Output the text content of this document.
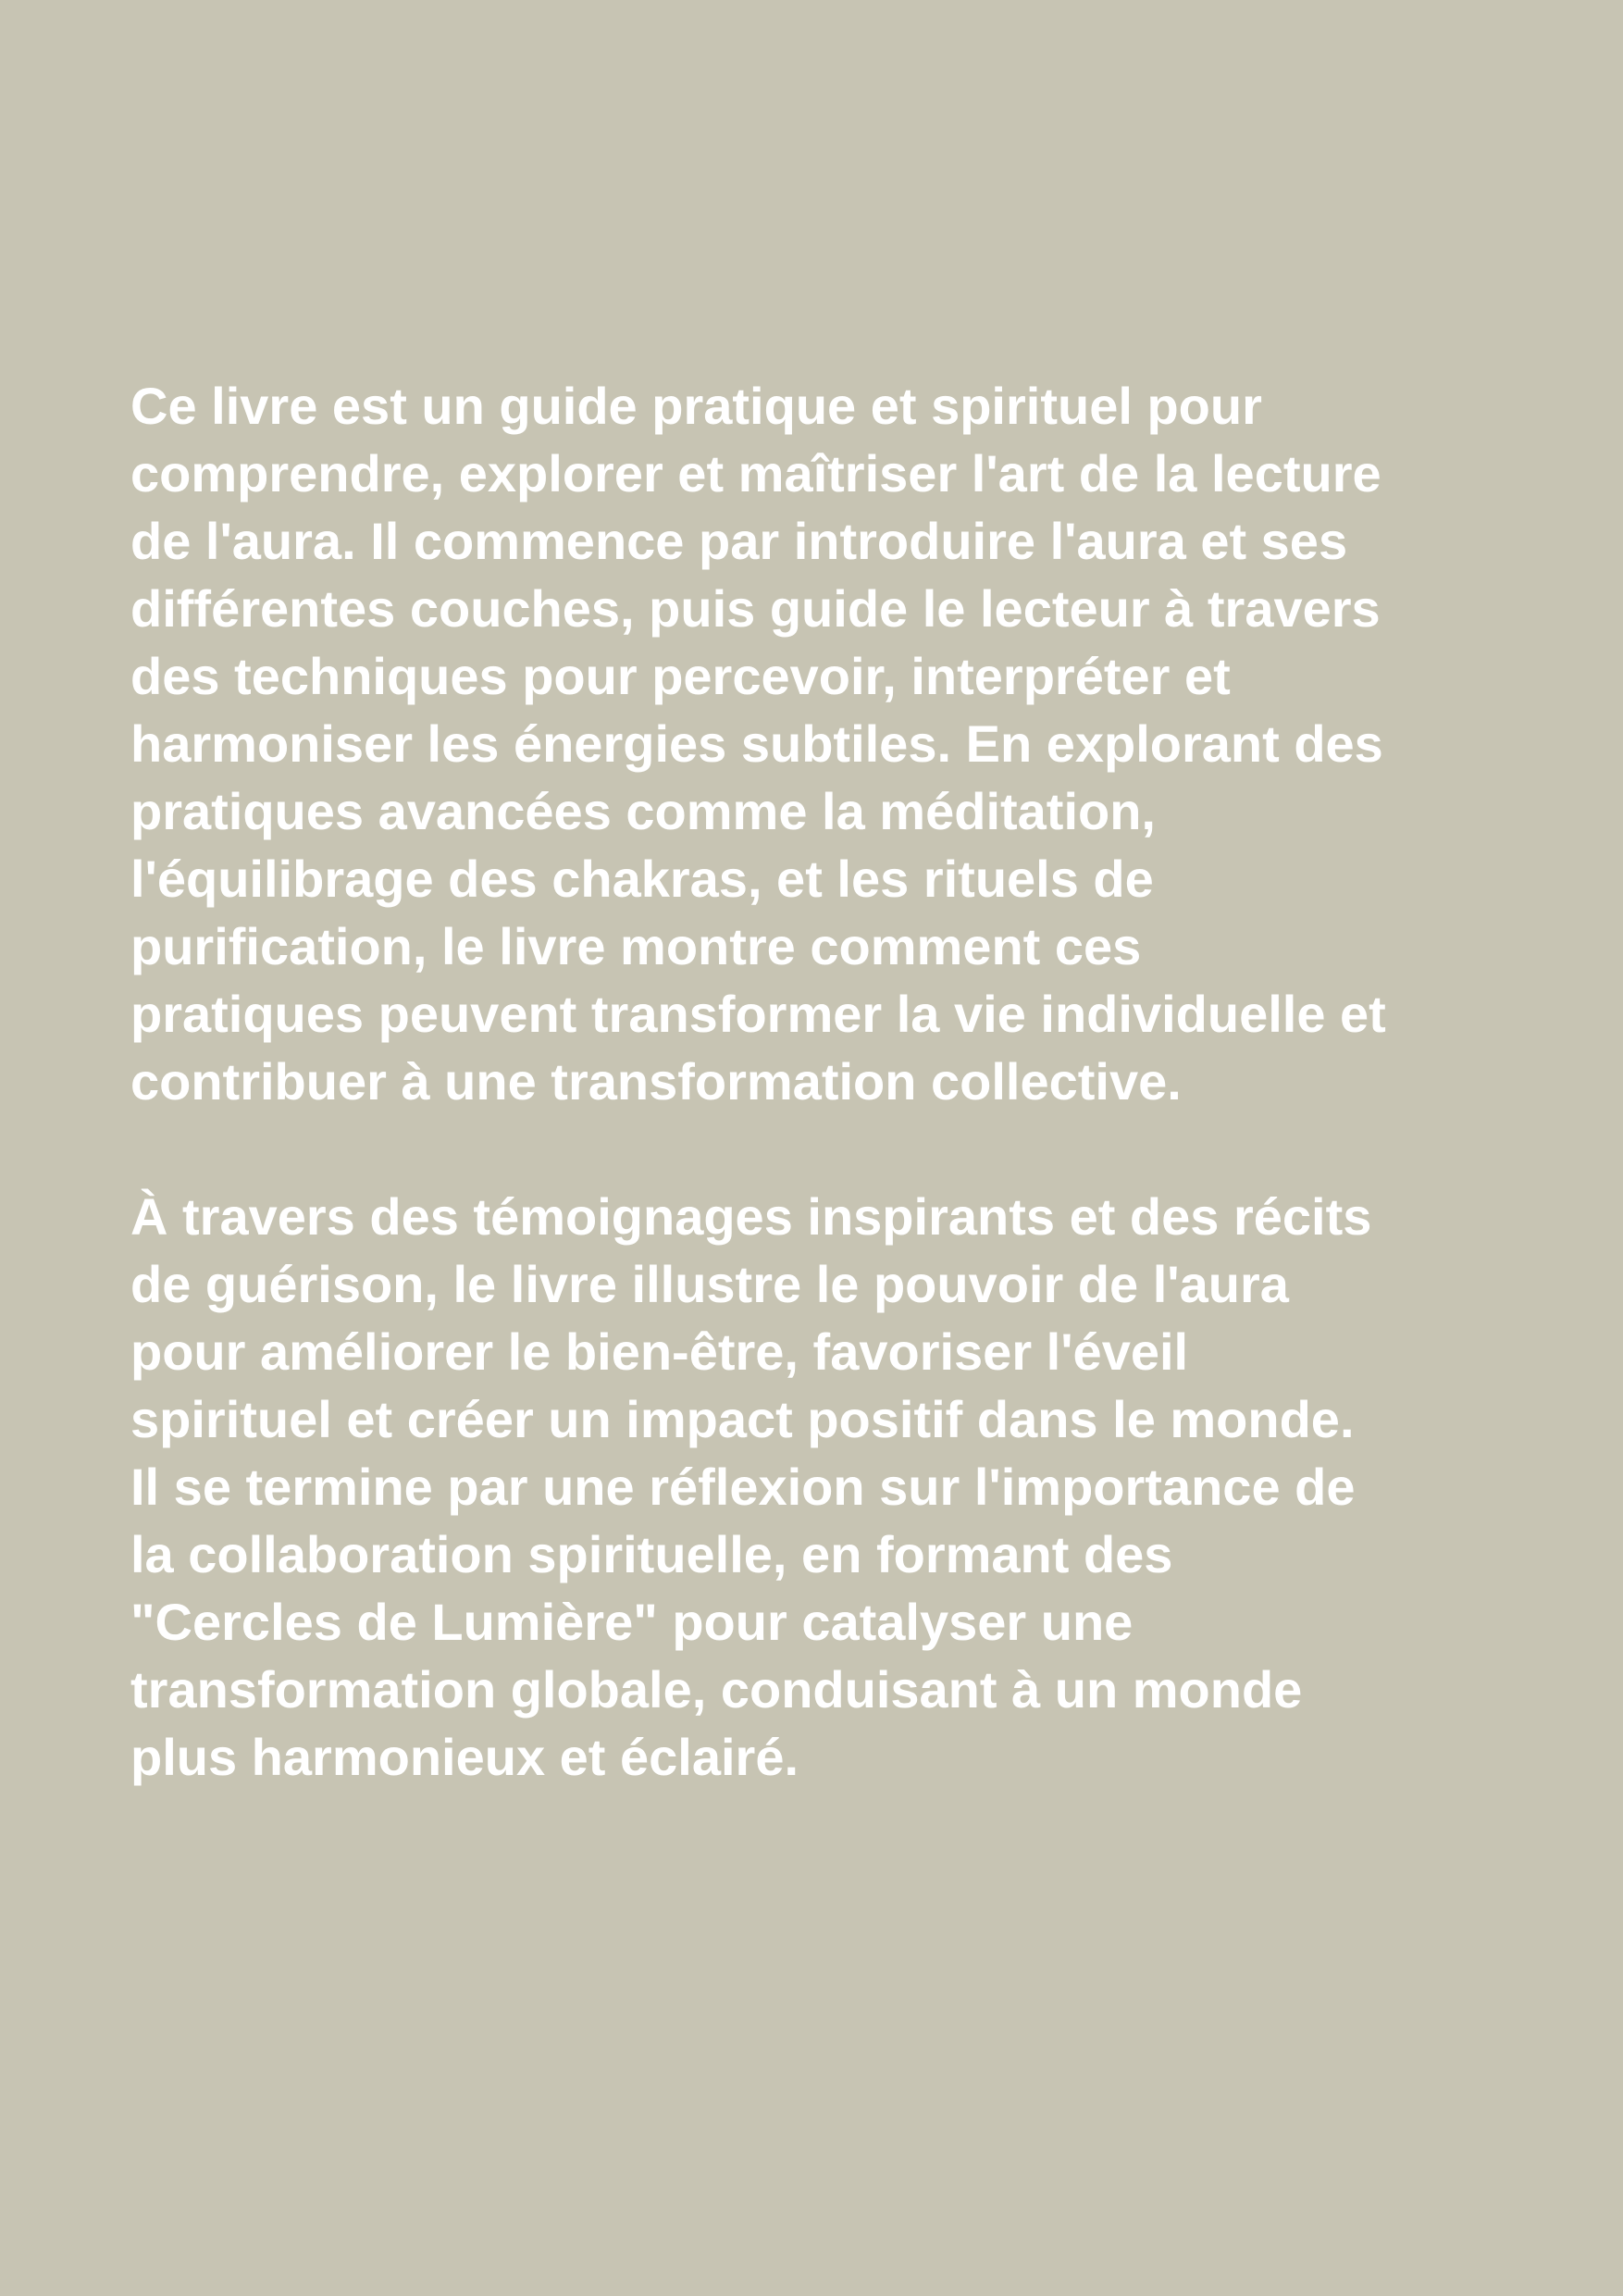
Ce livre est un guide pratique et spirituel pour
comprendre, explorer et maîtriser l'art de la lecture
de l'aura. Il commence par introduire l'aura et ses
différentes couches, puis guide le lecteur à travers
des techniques pour percevoir, interpréter et
harmoniser les énergies subtiles. En explorant des
pratiques avancées comme la méditation,
l'équilibrage des chakras, et les rituels de
purification, le livre montre comment ces
pratiques peuvent transformer la vie individuelle et
contribuer à une transformation collective.

À travers des témoignages inspirants et des récits
de guérison, le livre illustre le pouvoir de l'aura
pour améliorer le bien-être, favoriser l'éveil
spirituel et créer un impact positif dans le monde.
Il se termine par une réflexion sur l'importance de
la collaboration spirituelle, en formant des
"Cercles de Lumière" pour catalyser une
transformation globale, conduisant à un monde
plus harmonieux et éclairé.
